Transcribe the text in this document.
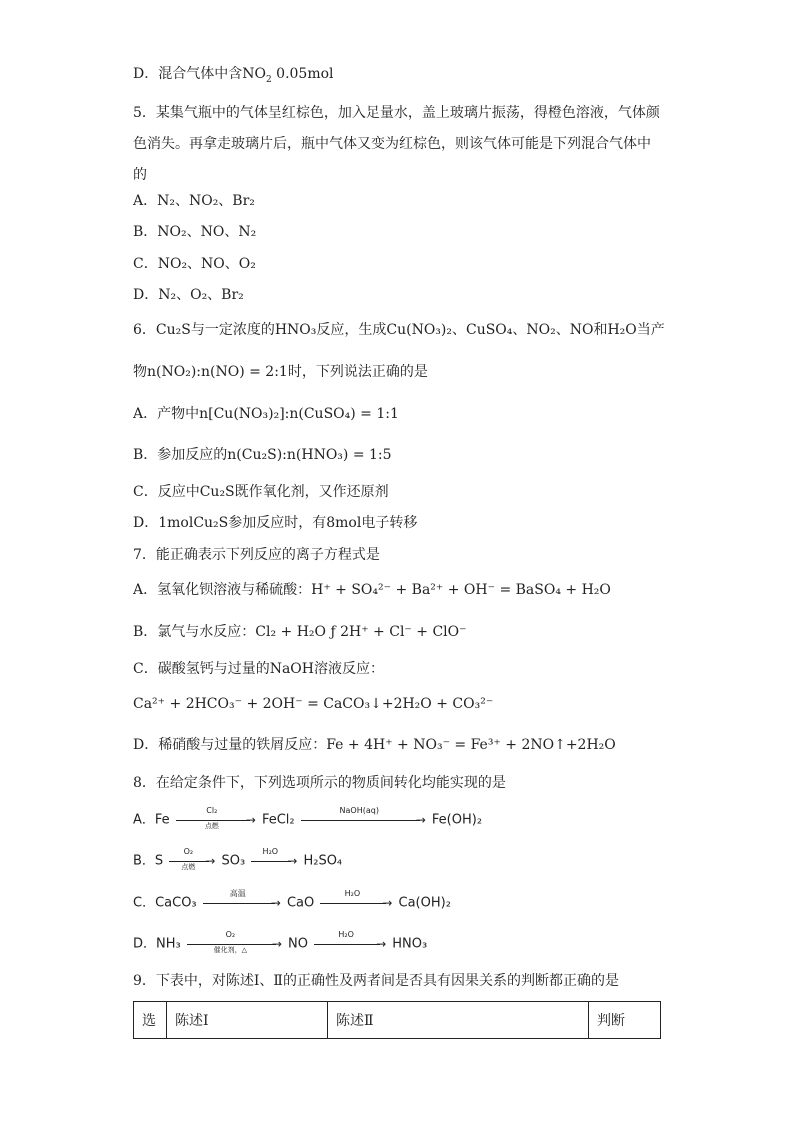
D．混合气体中含$NO_2$ 0.05mol
5．某集气瓶中的气体呈红棕色，加入足量水，盖上玻璃片振荡，得橙色溶液，气体颜色消失。再拿走玻璃片后，瓶中气体又变为红棕色，则该气体可能是下列混合气体中的
A．N₂、NO₂、Br₂
B．NO₂、NO、N₂
C．NO₂、NO、O₂
D．N₂、O₂、Br₂
6．Cu₂S与一定浓度的HNO₃反应，生成Cu(NO₃)₂、CuSO₄、NO₂、NO和H₂O当产
物n(NO₂):n(NO) = 2:1时，下列说法正确的是
A．产物中n[Cu(NO₃)₂]:n(CuSO₄) = 1:1
B．参加反应的n(Cu₂S):n(HNO₃) = 1:5
C．反应中Cu₂S既作氧化剂，又作还原剂
D．1molCu₂S参加反应时，有8mol电子转移
7．能正确表示下列反应的离子方程式是
A．氢氧化钡溶液与稀硫酸：H⁺ + SO₄²⁻ + Ba²⁺ + OH⁻ = BaSO₄ + H₂O
B．氯气与水反应：Cl₂ + H₂O ƒ 2H⁺ + Cl⁻ + ClO⁻
C．碳酸氢钙与过量的NaOH溶液反应：
Ca²⁺ + 2HCO₃⁻ + 2OH⁻ = CaCO₃↓+2H₂O + CO₃²⁻
D．稀硝酸与过量的铁屑反应：Fe + 4H⁺ + NO₃⁻ = Fe³⁺ + 2NO↑+2H₂O
8．在给定条件下，下列选项所示的物质间转化均能实现的是
A．Fe
Cl₂
→
点燃	FeCl₂
NaOH(aq)
→ Fe(OH)₂
B．S
O₂
→
点燃	SO₃
H₂O
→ H₂SO₄
C．CaCO₃
高温
→ CaO
H₂O
→ Ca(OH)₂
D．NH₃
O₂
→
催化剂，△	NO
H₂O
→ HNO₃
9．下表中，对陈述Ⅰ、Ⅱ的正确性及两者间是否具有因果关系的判断都正确的是
选	陈述Ⅰ	陈述Ⅱ	判断
